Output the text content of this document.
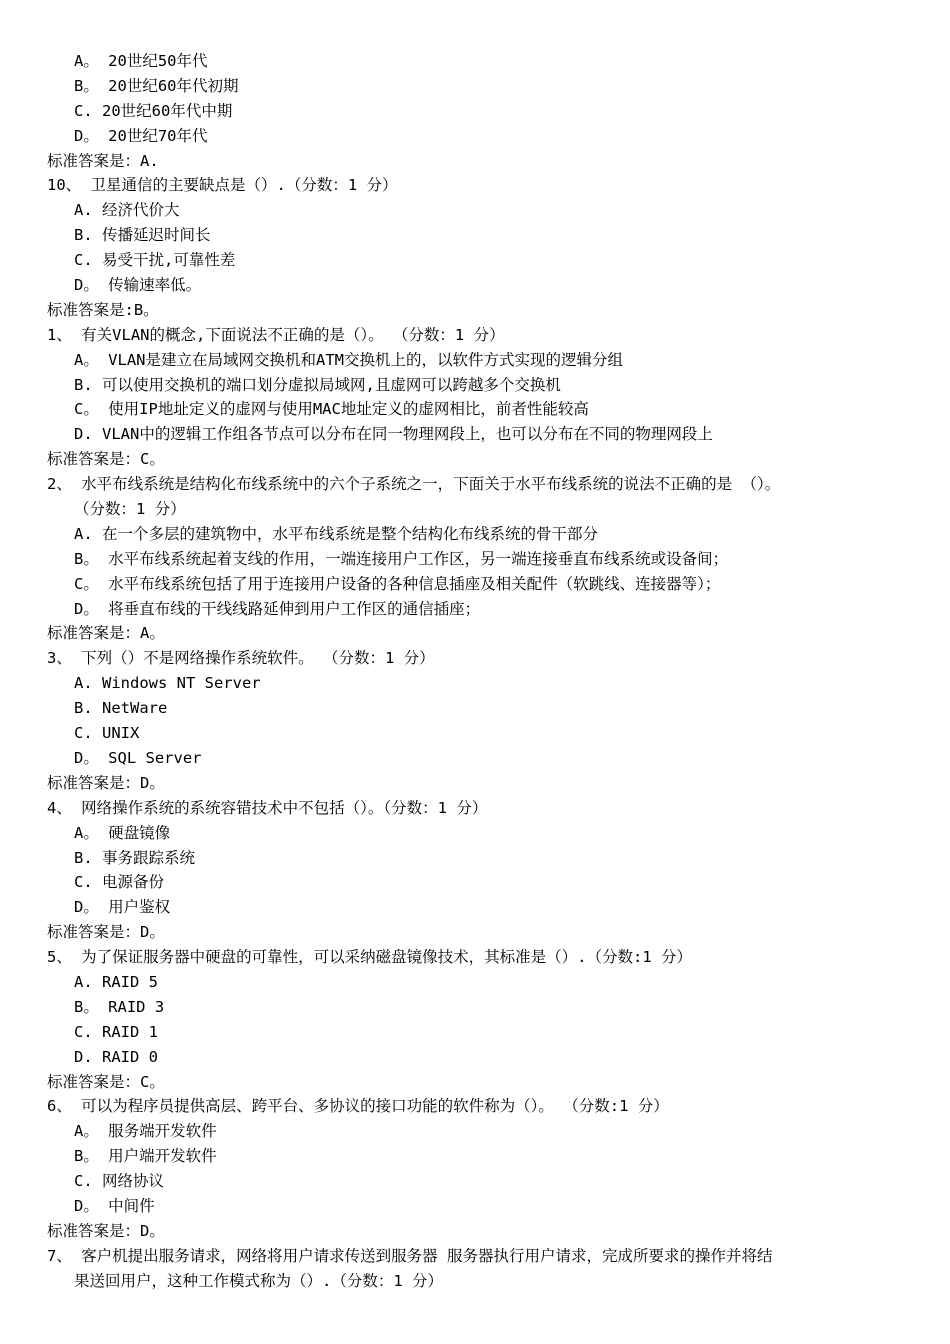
A。 20世纪50年代
B。 20世纪60年代初期
C. 20世纪60年代中期
D。 20世纪70年代
标准答案是：A.
10、 卫星通信的主要缺点是（）.（分数：1 分）
A. 经济代价大
B. 传播延迟时间长
C. 易受干扰,可靠性差
D。 传输速率低。
标准答案是:B。
1、 有关VLAN的概念,下面说法不正确的是（）。 （分数：1 分）
A。 VLAN是建立在局域网交换机和ATM交换机上的，以软件方式实现的逻辑分组
B. 可以使用交换机的端口划分虚拟局域网,且虚网可以跨越多个交换机
C。 使用IP地址定义的虚网与使用MAC地址定义的虚网相比，前者性能较高
D. VLAN中的逻辑工作组各节点可以分布在同一物理网段上，也可以分布在不同的物理网段上
标准答案是：C。
2、 水平布线系统是结构化布线系统中的六个子系统之一，下面关于水平布线系统的说法不正确的是 （）。
（分数：1 分）
A. 在一个多层的建筑物中，水平布线系统是整个结构化布线系统的骨干部分
B。 水平布线系统起着支线的作用，一端连接用户工作区，另一端连接垂直布线系统或设备间；
C。 水平布线系统包括了用于连接用户设备的各种信息插座及相关配件（软跳线、连接器等）；
D。 将垂直布线的干线线路延伸到用户工作区的通信插座；
标准答案是：A。
3、 下列（）不是网络操作系统软件。 （分数：1 分）
A. Windows NT Server
B. NetWare
C. UNIX
D。 SQL Server
标准答案是：D。
4、 网络操作系统的系统容错技术中不包括（）。（分数：1 分）
A。 硬盘镜像
B. 事务跟踪系统
C. 电源备份
D。 用户鉴权
标准答案是：D。
5、 为了保证服务器中硬盘的可靠性，可以采纳磁盘镜像技术，其标准是（）.（分数:1 分）
A. RAID 5
B。 RAID 3
C. RAID 1
D. RAID 0
标准答案是：C。
6、 可以为程序员提供高层、跨平台、多协议的接口功能的软件称为（）。 （分数:1 分）
A。 服务端开发软件
B。 用户端开发软件
C. 网络协议
D。 中间件
标准答案是：D。
7、 客户机提出服务请求，网络将用户请求传送到服务器 服务器执行用户请求，完成所要求的操作并将结
果送回用户，这种工作模式称为（）.（分数：1 分）
